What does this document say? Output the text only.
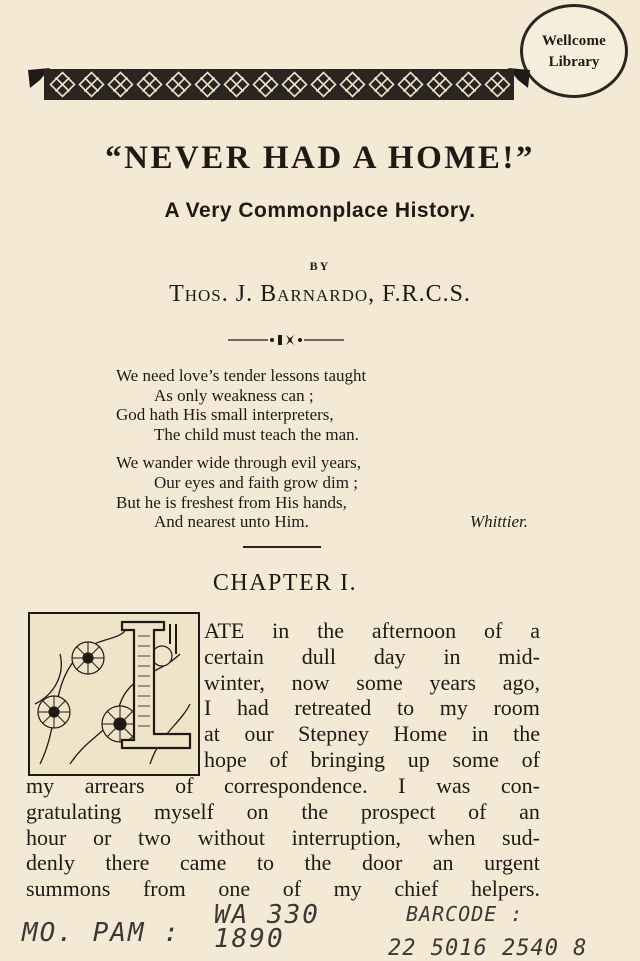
Wellcome
Library
“NEVER HAD A HOME!”
A Very Commonplace History.
BY
Thos. J. Barnardo, F.R.C.S.
We need love’s tender lessons taught
As only weakness can ;
God hath His small interpreters,
The child must teach the man.
We wander wide through evil years,
Our eyes and faith grow dim ;
But he is freshest from His hands,
And nearest unto Him.	Whittier.
CHAPTER I.
ATE in the afternoon of a
certain dull day in mid-
winter, now some years ago,
I had retreated to my room
at our Stepney Home in the
hope of bringing up some of
my arrears of correspondence. I was con-
gratulating myself on the prospect of an
hour or two without interruption, when sud-
denly there came to the door an urgent
summons from one of my chief helpers.
MO. PAM :
WA 330
1890
BARCODE :
22 5016 2540 8
